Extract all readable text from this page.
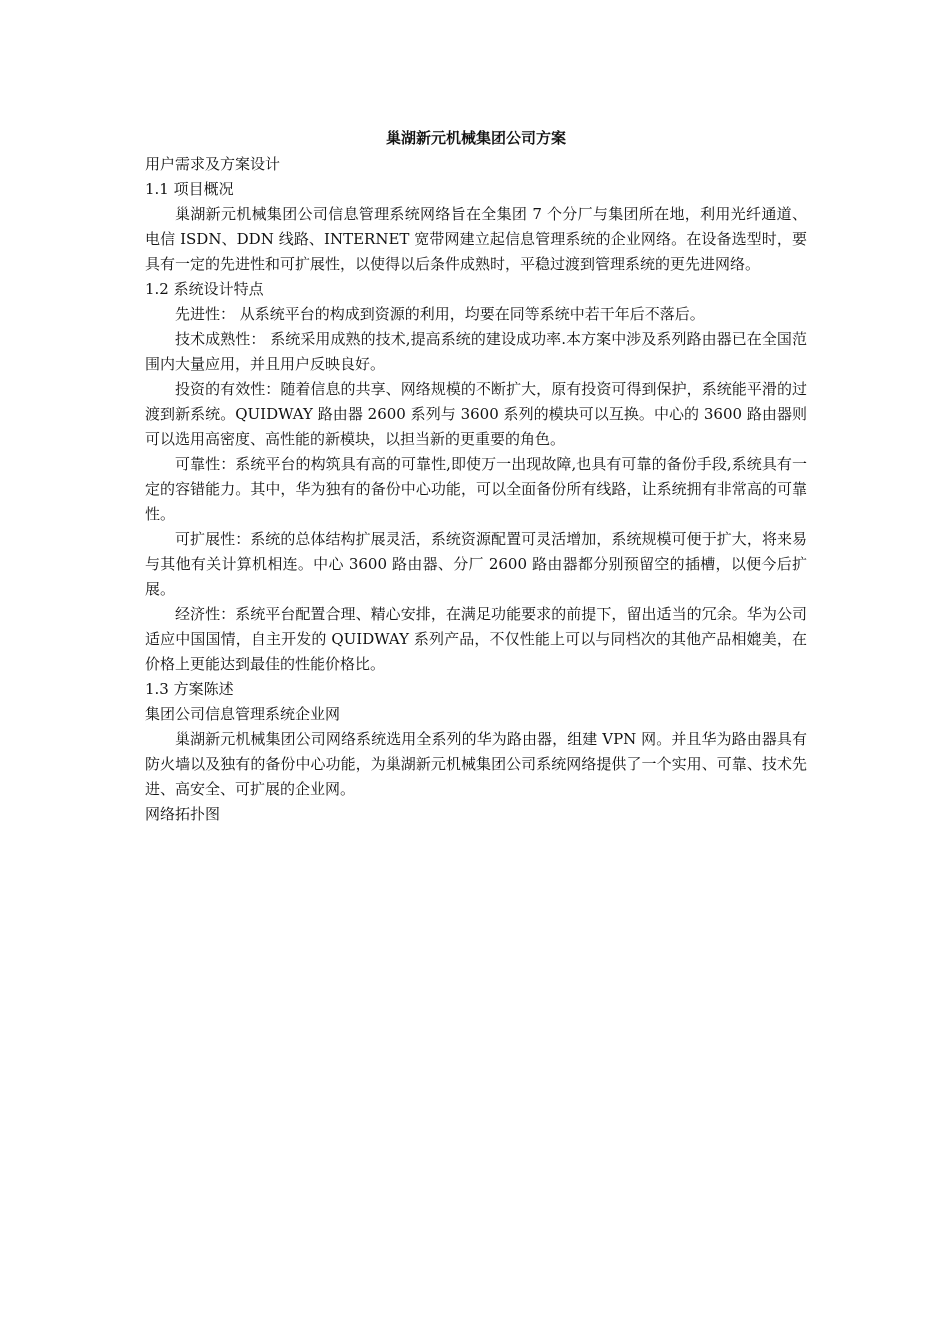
巢湖新元机械集团公司方案
用户需求及方案设计
1.1 项目概况

巢湖新元机械集团公司信息管理系统网络旨在全集团 7 个分厂与集团所在地，利用光纤通道、电信 ISDN、DDN 线路、INTERNET 宽带网建立起信息管理系统的企业网络。在设备选型时，要具有一定的先进性和可扩展性，以使得以后条件成熟时，平稳过渡到管理系统的更先进网络。

1.2 系统设计特点

先进性： 从系统平台的构成到资源的利用，均要在同等系统中若干年后不落后。

技术成熟性： 系统采用成熟的技术,提高系统的建设成功率.本方案中涉及系列路由器已在全国范围内大量应用，并且用户反映良好。

投资的有效性：随着信息的共享、网络规模的不断扩大，原有投资可得到保护，系统能平滑的过渡到新系统。QUIDWAY 路由器 2600 系列与 3600 系列的模块可以互换。中心的 3600 路由器则可以选用高密度、高性能的新模块，以担当新的更重要的角色。

可靠性：系统平台的构筑具有高的可靠性,即使万一出现故障,也具有可靠的备份手段,系统具有一定的容错能力。其中，华为独有的备份中心功能，可以全面备份所有线路，让系统拥有非常高的可靠性。

可扩展性：系统的总体结构扩展灵活，系统资源配置可灵活增加，系统规模可便于扩大，将来易与其他有关计算机相连。中心 3600 路由器、分厂 2600 路由器都分别预留空的插槽，以便今后扩展。

经济性：系统平台配置合理、精心安排，在满足功能要求的前提下，留出适当的冗余。华为公司适应中国国情，自主开发的 QUIDWAY 系列产品，不仅性能上可以与同档次的其他产品相媲美，在价格上更能达到最佳的性能价格比。

1.3 方案陈述
集团公司信息管理系统企业网

巢湖新元机械集团公司网络系统选用全系列的华为路由器，组建 VPN 网。并且华为路由器具有防火墙以及独有的备份中心功能，为巢湖新元机械集团公司系统网络提供了一个实用、可靠、技术先进、高安全、可扩展的企业网。

网络拓扑图
